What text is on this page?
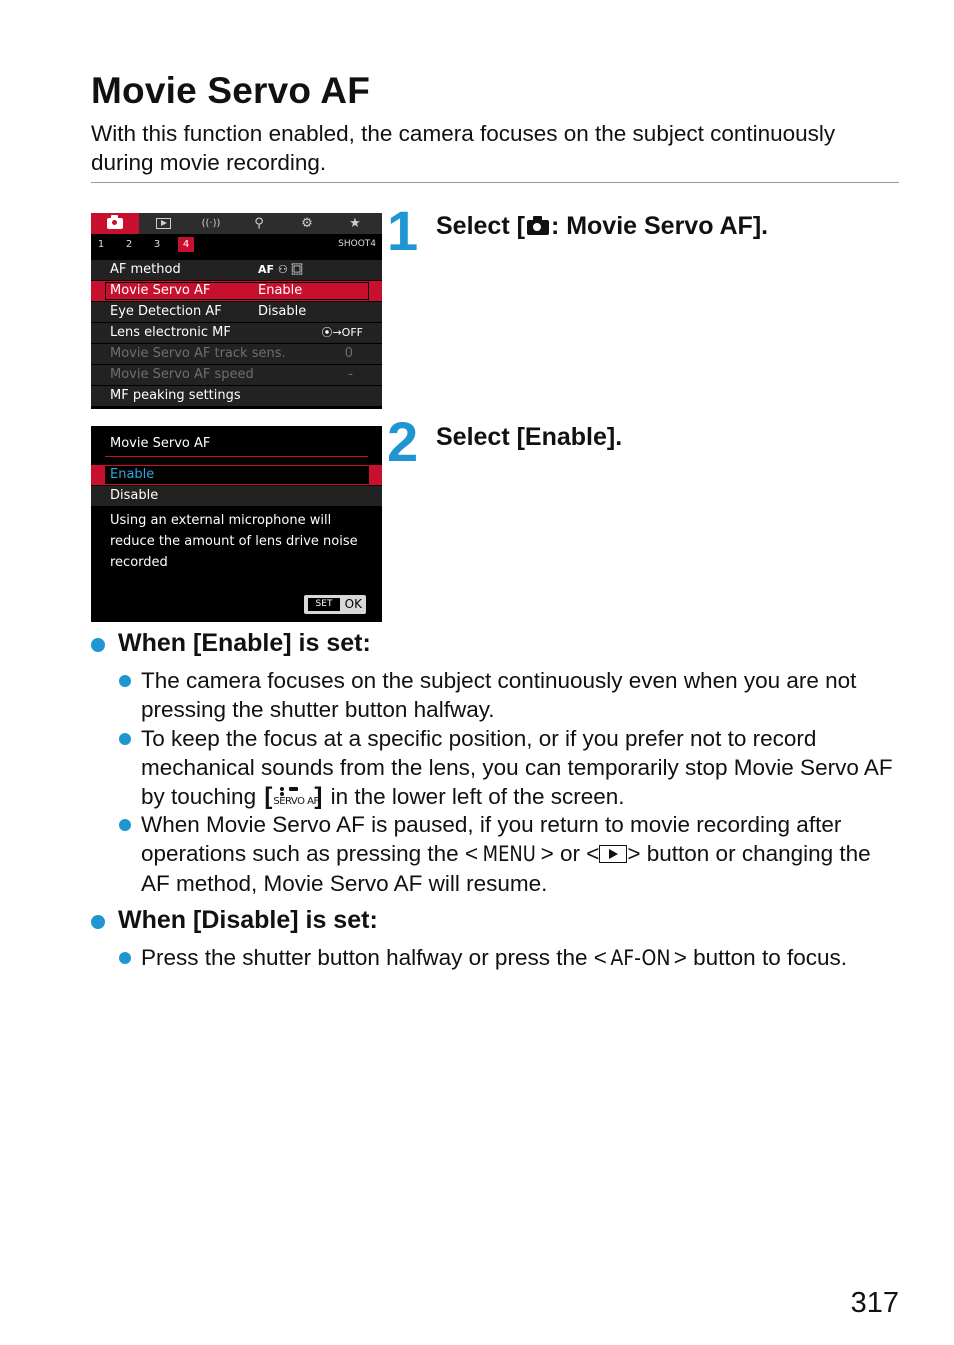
Movie Servo AF
With this function enabled, the camera focuses on the subject continuously during movie recording.
((·))	⚲	⚙	★
1	2	3	4	SHOOT4
AF method	AF ⚇ ⿴
Movie Servo AF	Enable
Eye Detection AF	Disable
Lens electronic MF	⦿→OFF
Movie Servo AF track sens.	0
Movie Servo AF speed	-
MF peaking settings
1 Select [ : Movie Servo AF].
Movie Servo AF
Enable
Disable
Using an external microphone will reduce the amount of lens drive noise recorded
SET	OK
2 Select [Enable].
When [Enable] is set:
The camera focuses on the subject continuously even when you are not pressing the shutter button halfway.
To keep the focus at a specific position, or if you prefer not to record mechanical sounds from the lens, you can temporarily stop Movie Servo AF by touching [ SERVO AF
] in the lower left of the screen.
When Movie Servo AF is paused, if you return to movie recording after operations such as pressing the < MENU > or < > button or changing the AF method, Movie Servo AF will resume.
When [Disable] is set:
Press the shutter button halfway or press the < AF-ON > button to focus.
317
